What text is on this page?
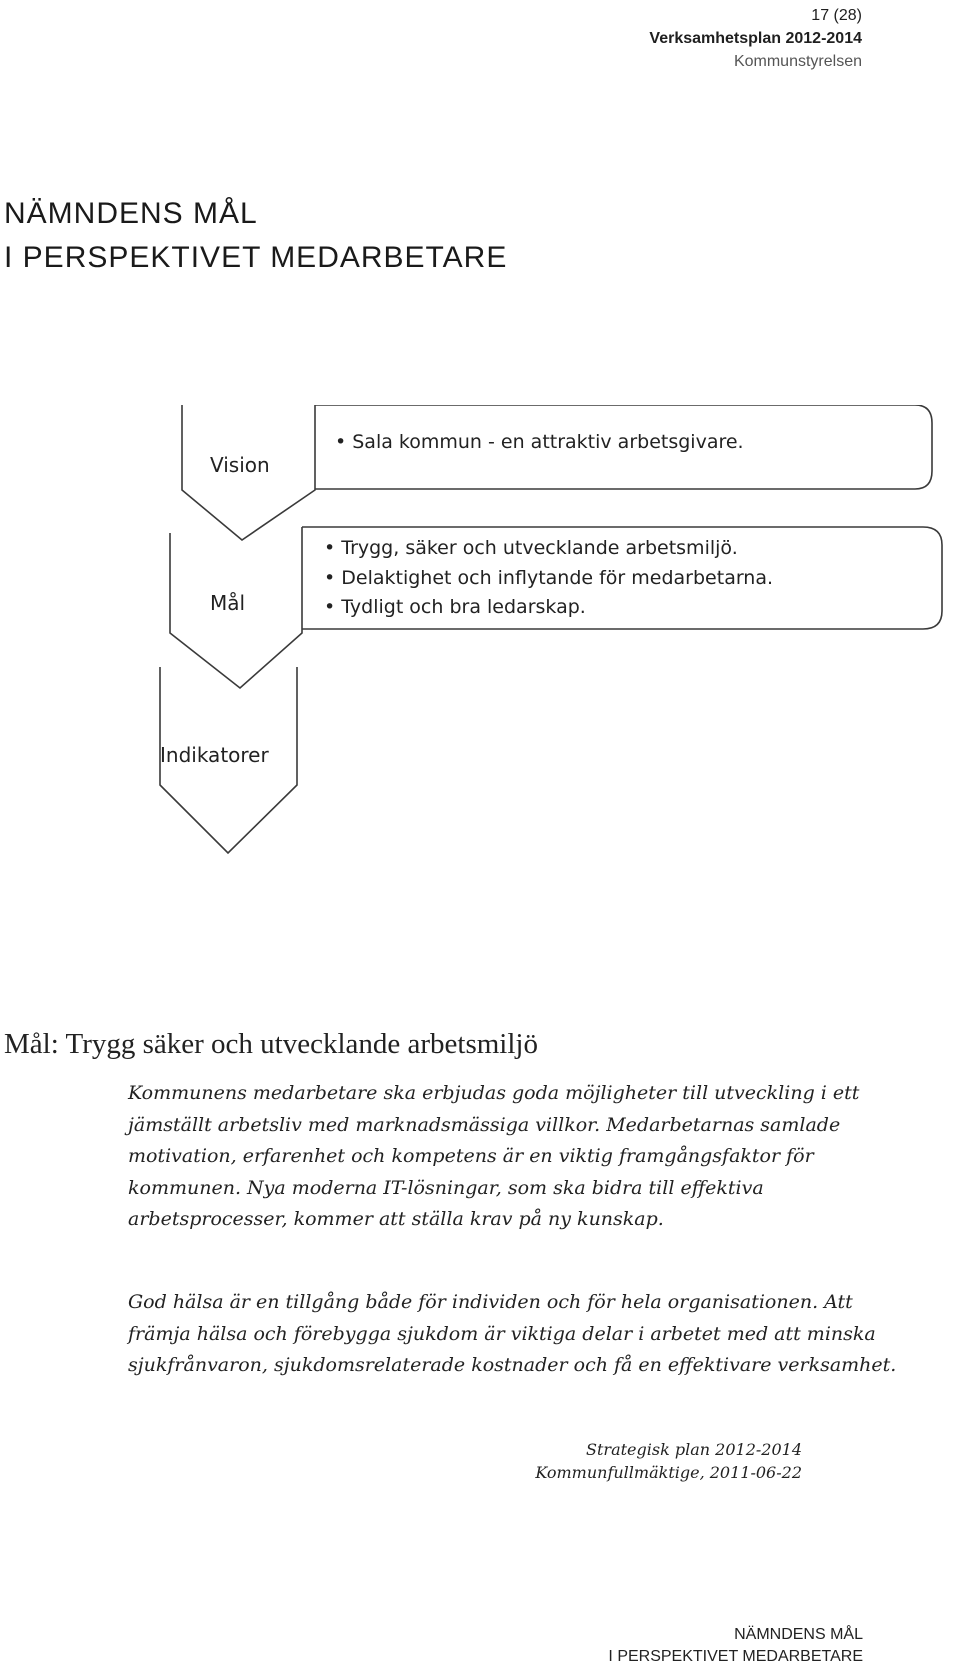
17 (28)
Verksamhetsplan 2012-2014
Kommunstyrelsen
NÄMNDENS MÅL
I PERSPEKTIVET MEDARBETARE
Vision
Mål
Indikatorer
• Sala kommun - en attraktiv arbetsgivare.
• Trygg, säker och utvecklande arbetsmiljö.
• Delaktighet och inflytande för medarbetarna.
• Tydligt och bra ledarskap.
Mål: Trygg säker och utvecklande arbetsmiljö

Kommunens medarbetare ska erbjudas goda möjligheter till utveckling i ett jämställt arbetsliv med marknadsmässiga villkor. Medarbetarnas samlade motivation, erfarenhet och kompetens är en viktig framgångsfaktor för kommunen. Nya moderna IT-lösningar, som ska bidra till effektiva arbetsprocesser, kommer att ställa krav på ny kunskap.

God hälsa är en tillgång både för individen och för hela organisationen. Att främja hälsa och förebygga sjukdom är viktiga delar i arbetet med att minska sjukfrånvaron, sjukdomsrelaterade kostnader och få en effektivare verksamhet.

Strategisk plan 2012-2014
Kommunfullmäktige, 2011-06-22
NÄMNDENS MÅL
I PERSPEKTIVET MEDARBETARE
